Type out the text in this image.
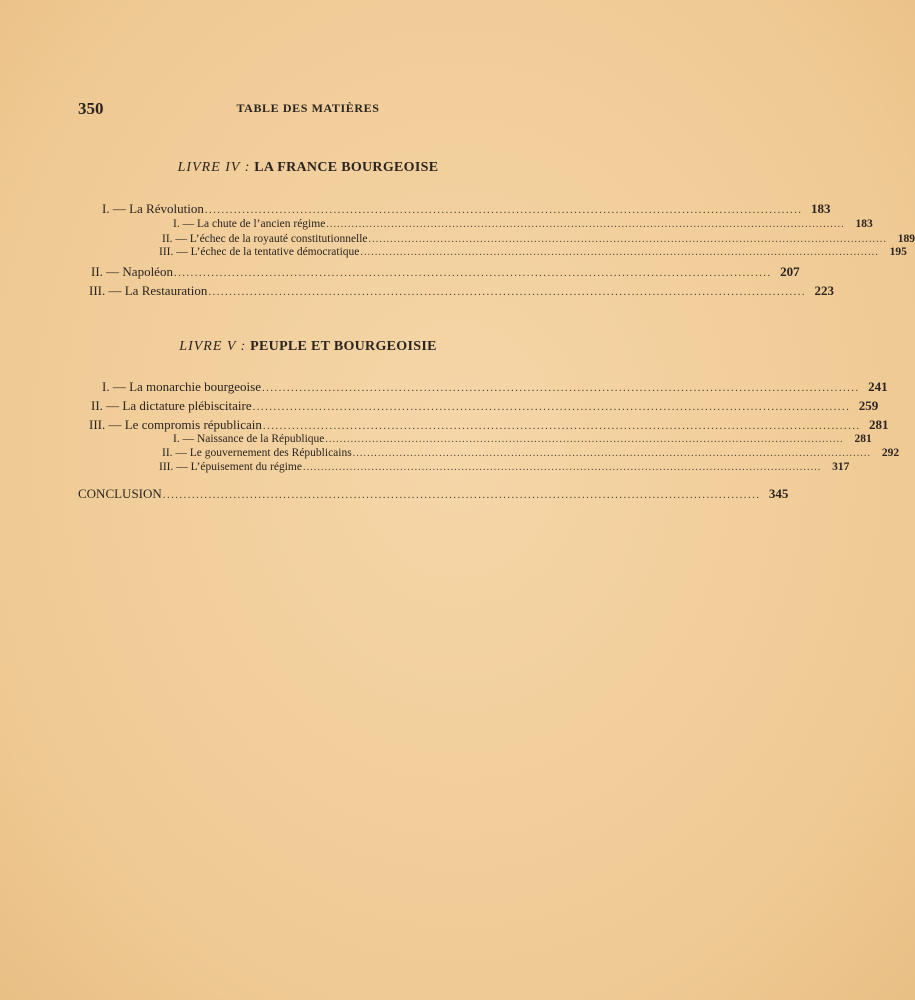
350	TABLE DES MATIÈRES
LIVRE IV : LA FRANCE BOURGEOISE
I. — La Révolution ................................................................................................................................................ 183
I. — La chute de l’ancien régime ................................................................................................................................................ 183
II. — L’échec de la royauté constitutionnelle ................................................................................................................................................ 189
III. — L’échec de la tentative démocratique ................................................................................................................................................ 195
II. — Napoléon ................................................................................................................................................ 207
III. — La Restauration ................................................................................................................................................ 223
LIVRE V : PEUPLE ET BOURGEOISIE
I. — La monarchie bourgeoise ................................................................................................................................................ 241
II. — La dictature plébiscitaire ................................................................................................................................................ 259
III. — Le compromis républicain ................................................................................................................................................ 281
I. — Naissance de la République ................................................................................................................................................ 281
II. — Le gouvernement des Républicains ................................................................................................................................................ 292
III. — L’épuisement du régime ................................................................................................................................................ 317
CONCLUSION ................................................................................................................................................ 345
